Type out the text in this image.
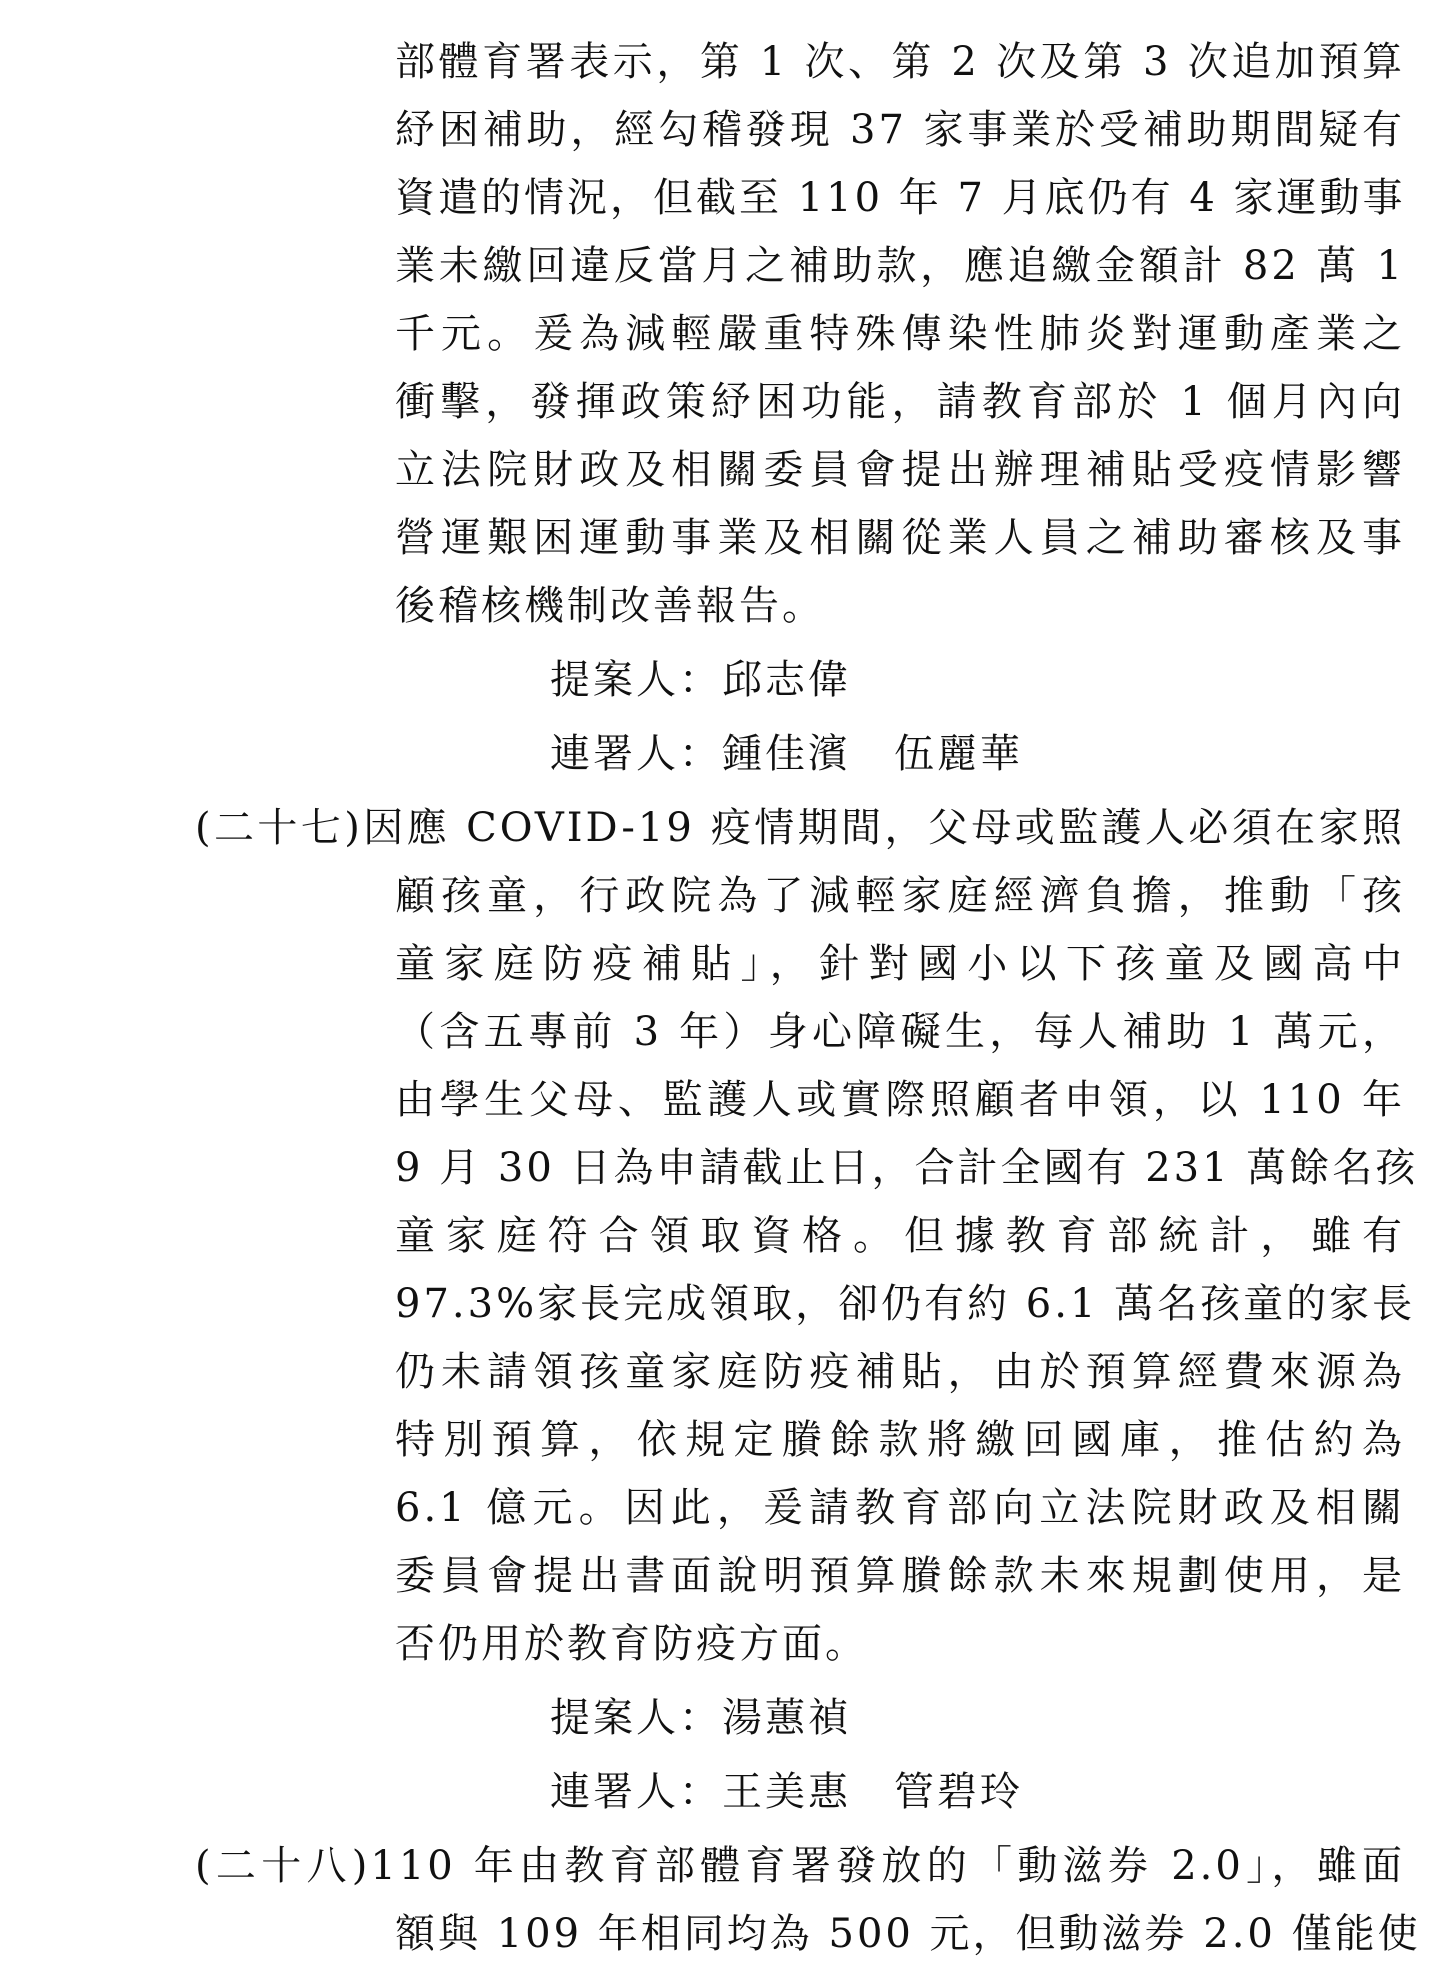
部體育署表示，第 1 次、第 2 次及第 3 次追加預算
紓困補助，經勾稽發現 37 家事業於受補助期間疑有
資遣的情況，但截至 110 年 7 月底仍有 4 家運動事
業未繳回違反當月之補助款，應追繳金額計 82 萬 1
千元。爰為減輕嚴重特殊傳染性肺炎對運動產業之
衝擊，發揮政策紓困功能，請教育部於 1 個月內向
立法院財政及相關委員會提出辦理補貼受疫情影響
營運艱困運動事業及相關從業人員之補助審核及事
後稽核機制改善報告。
提案人：邱志偉
連署人：鍾佳濱　伍麗華
(二十七)因應 COVID-19 疫情期間，父母或監護人必須在家照
顧孩童，行政院為了減輕家庭經濟負擔，推動「孩
童家庭防疫補貼」，針對國小以下孩童及國高中
（含五專前 3 年）身心障礙生，每人補助 1 萬元，
由學生父母、監護人或實際照顧者申領，以 110 年
9 月 30 日為申請截止日，合計全國有 231 萬餘名孩
童家庭符合領取資格。但據教育部統計，雖有
97.3%家長完成領取，卻仍有約 6.1 萬名孩童的家長
仍未請領孩童家庭防疫補貼，由於預算經費來源為
特別預算，依規定賸餘款將繳回國庫，推估約為
6.1 億元。因此，爰請教育部向立法院財政及相關
委員會提出書面說明預算賸餘款未來規劃使用，是
否仍用於教育防疫方面。
提案人：湯蕙禎
連署人：王美惠　管碧玲
(二十八)110 年由教育部體育署發放的「動滋券 2.0」，雖面
額與 109 年相同均為 500 元，但動滋券 2.0 僅能使
